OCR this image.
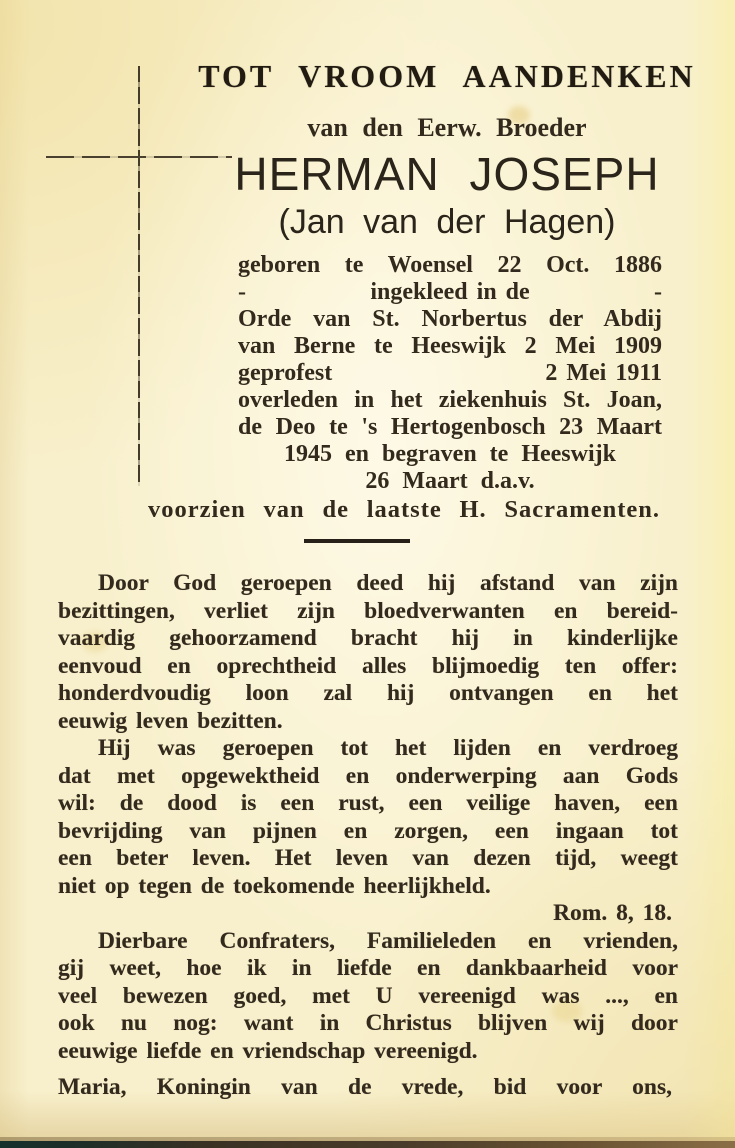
TOT VROOM AANDENKEN
van den Eerw. Broeder
HERMAN JOSEPH
(Jan van der Hagen)
geboren te Woensel 22 Oct. 1886
-	ingekleed in de	-
Orde van St. Norbertus der Abdij
van Berne te Heeswijk 2 Mei 1909
geprofest	2 Mei 1911
overleden in het ziekenhuis St. Joan,
de Deo te 's Hertogenbosch 23 Maart
1945 en begraven te Heeswijk
26 Maart d.a.v.
voorzien van de laatste H. Sacramenten.
Door God geroepen deed hij afstand van zijn
bezittingen, verliet zijn bloedverwanten en bereid-
vaardig gehoorzamend bracht hij in kinderlijke
eenvoud en oprechtheid alles blijmoedig ten offer:
honderdvoudig loon zal hij ontvangen en het
eeuwig leven bezitten.
Hij was geroepen tot het lijden en verdroeg
dat met opgewektheid en onderwerping aan Gods
wil: de dood is een rust, een veilige haven, een
bevrijding van pijnen en zorgen, een ingaan tot
een beter leven. Het leven van dezen tijd, weegt
niet op tegen de toekomende heerlijkheld.
Rom. 8, 18.
Dierbare Confraters, Familieleden en vrienden,
gij weet, hoe ik in liefde en dankbaarheid voor
veel bewezen goed, met U vereenigd was ..., en
ook nu nog: want in Christus blijven wij door
eeuwige liefde en vriendschap vereenigd.
Maria, Koningin van de vrede, bid voor ons,
